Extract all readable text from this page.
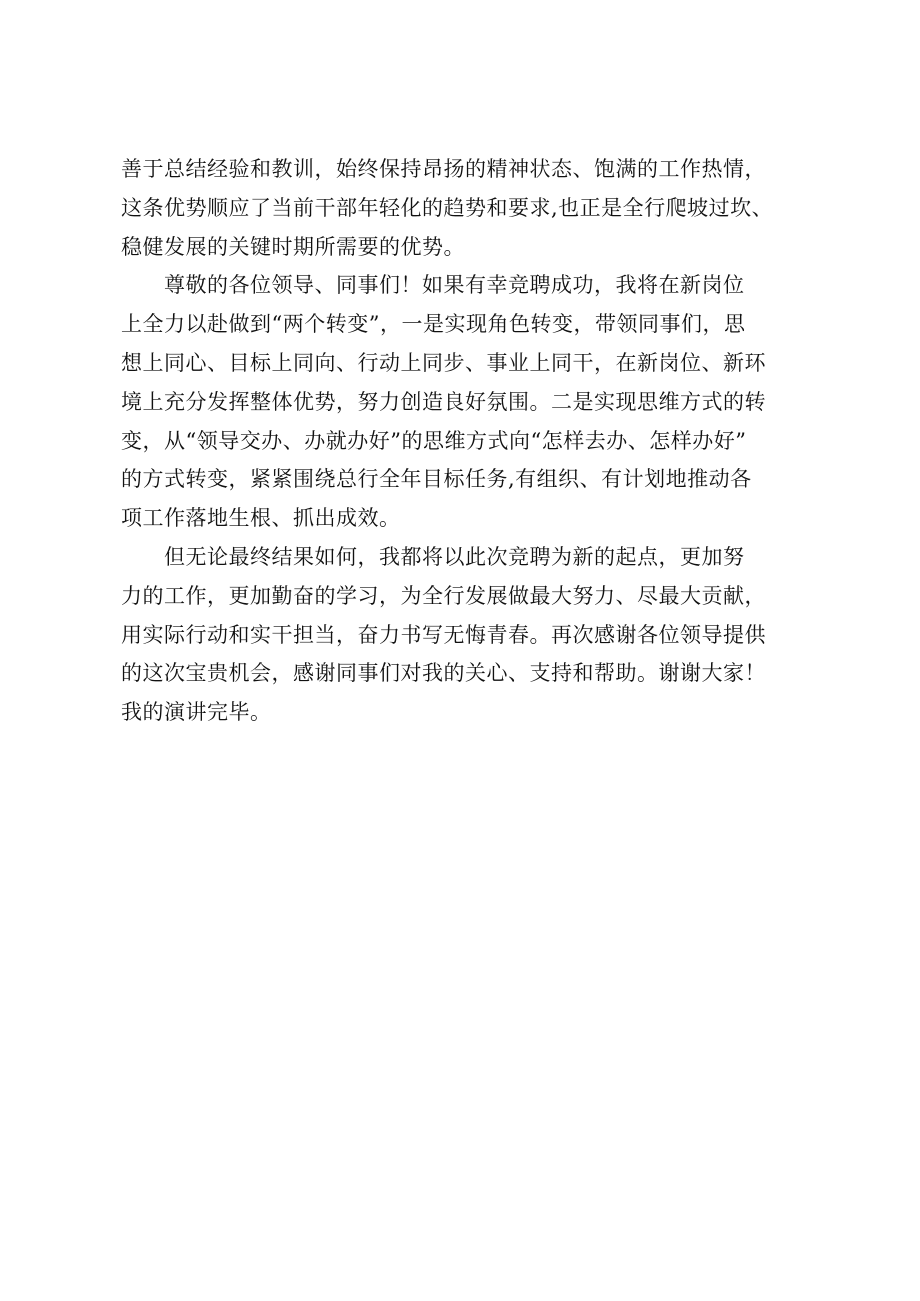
善于总结经验和教训，始终保持昂扬的精神状态、饱满的工作热情，
这条优势顺应了当前干部年轻化的趋势和要求,也正是全行爬坡过坎、
稳健发展的关键时期所需要的优势。
　　尊敬的各位领导、同事们！如果有幸竞聘成功，我将在新岗位
上全力以赴做到“两个转变”，一是实现角色转变，带领同事们，思
想上同心、目标上同向、行动上同步、事业上同干，在新岗位、新环
境上充分发挥整体优势，努力创造良好氛围。二是实现思维方式的转
变，从“领导交办、办就办好”的思维方式向“怎样去办、怎样办好”
的方式转变，紧紧围绕总行全年目标任务,有组织、有计划地推动各
项工作落地生根、抓出成效。
　　但无论最终结果如何，我都将以此次竞聘为新的起点，更加努
力的工作，更加勤奋的学习，为全行发展做最大努力、尽最大贡献，
用实际行动和实干担当，奋力书写无悔青春。再次感谢各位领导提供
的这次宝贵机会，感谢同事们对我的关心、支持和帮助。谢谢大家！
我的演讲完毕。
